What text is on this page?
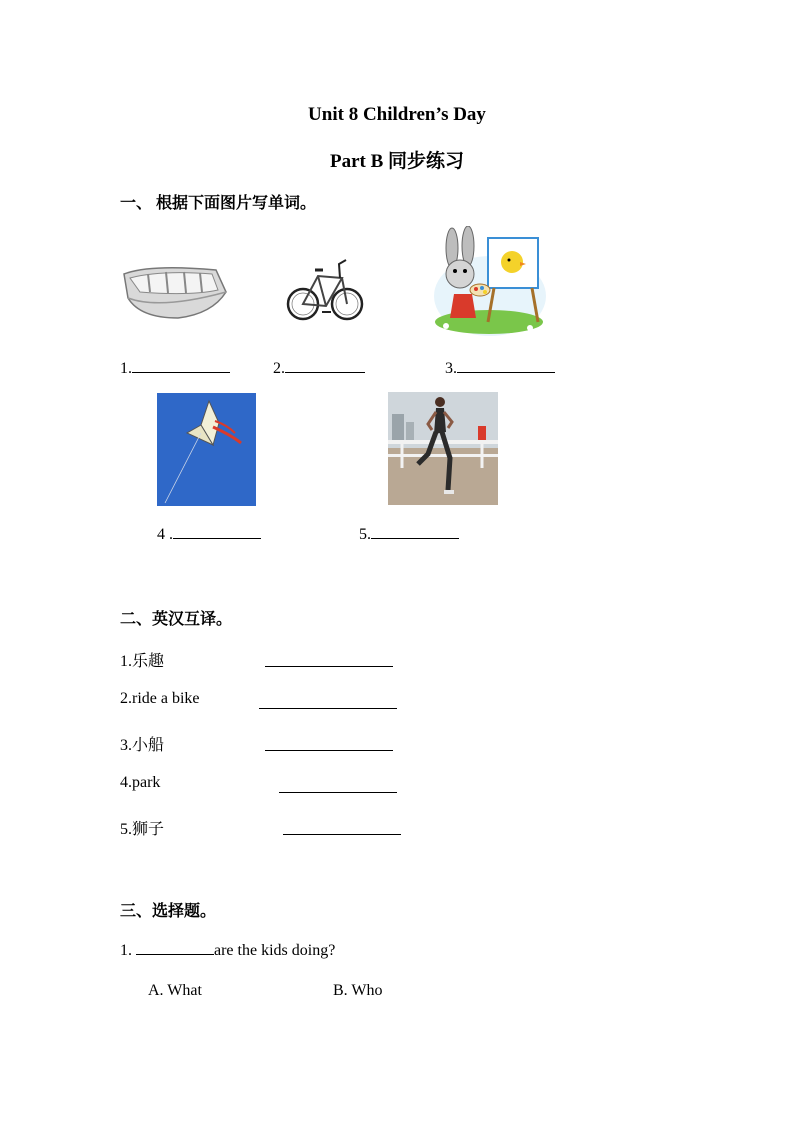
Unit 8 Children’s Day
Part B 同步练习
一、 根据下面图片写单词。
1.	2.	3.
4 .	5.
二、英汉互译。
1.乐趣
2.ride a bike
3.小船
4.park
5.狮子
三、选择题。
1.	are the kids doing?
A. What	B. Who
